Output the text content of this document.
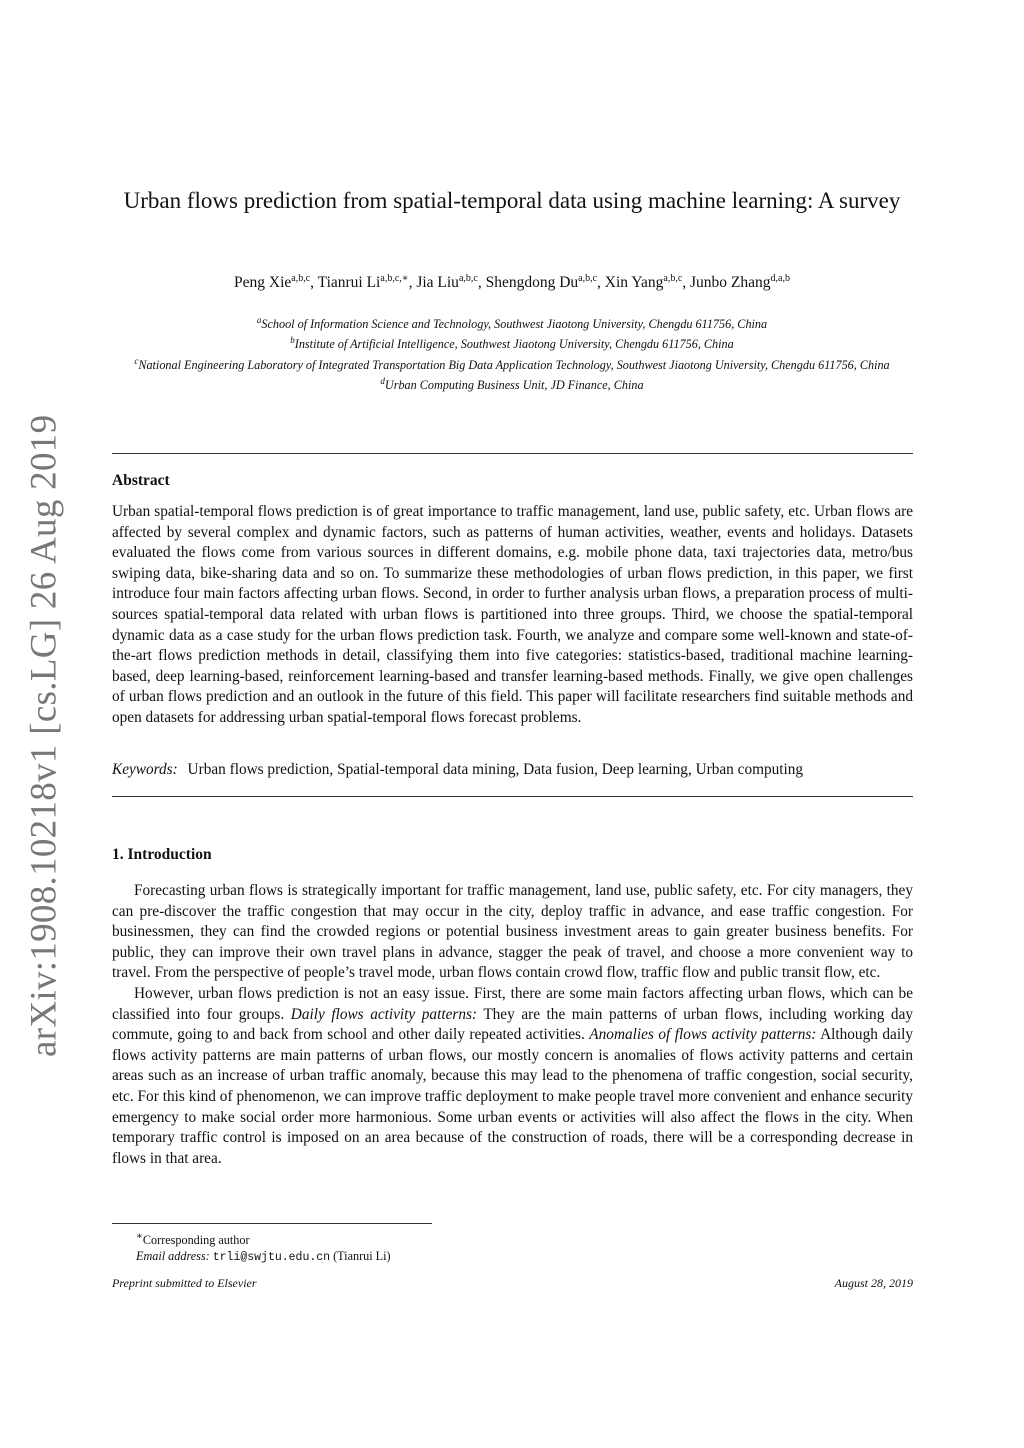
arXiv:1908.10218v1 [cs.LG] 26 Aug 2019
Urban flows prediction from spatial-temporal data using machine learning: A survey
Peng Xie$^{a,b,c}$, Tianrui $Li^{a,b,c,∗}$, Jia Liu$^{a,b,c}$, Shengdong Du$^{a,b,c}$, Xin Yang$^{a,b,c}$, Junbo Zhang$^{d,a,b}$
$^a$School of Information Science and Technology, Southwest Jiaotong University, Chengdu 611756, China
$^b$Institute of Artificial Intelligence, Southwest Jiaotong University, Chengdu 611756, China
$^c$National Engineering Laboratory of Integrated Transportation Big Data Application Technology, Southwest Jiaotong University, Chengdu 611756, China
$^d$Urban Computing Business Unit, JD Finance, China
Abstract
Urban spatial-temporal flows prediction is of great importance to traffic management, land use, public safety, etc. Urban flows are affected by several complex and dynamic factors, such as patterns of human activities, weather, events and holidays. Datasets evaluated the flows come from various sources in different domains, e.g. mobile phone data, taxi trajectories data, metro/bus swiping data, bike-sharing data and so on. To summarize these methodologies of urban flows prediction, in this paper, we first introduce four main factors affecting urban flows. Second, in order to further analysis urban flows, a preparation process of multi-sources spatial-temporal data related with urban flows is partitioned into three groups. Third, we choose the spatial-temporal dynamic data as a case study for the urban flows prediction task. Fourth, we analyze and compare some well-known and state-of-the-art flows prediction methods in detail, classifying them into five categories: statistics-based, traditional machine learning-based, deep learning-based, reinforcement learning-based and transfer learning-based methods. Finally, we give open challenges of urban flows prediction and an outlook in the future of this field. This paper will facilitate researchers find suitable methods and open datasets for addressing urban spatial-temporal flows forecast problems.
Keywords: Urban flows prediction, Spatial-temporal data mining, Data fusion, Deep learning, Urban computing
1. Introduction

Forecasting urban flows is strategically important for traffic management, land use, public safety, etc. For city managers, they can pre-discover the traffic congestion that may occur in the city, deploy traffic in advance, and ease traffic congestion. For businessmen, they can find the crowded regions or potential business investment areas to gain greater business benefits. For public, they can improve their own travel plans in advance, stagger the peak of travel, and choose a more convenient way to travel. From the perspective of people’s travel mode, urban flows contain crowd flow, traffic flow and public transit flow, etc.

However, urban flows prediction is not an easy issue. First, there are some main factors affecting urban flows, which can be classified into four groups. Daily flows activity patterns: They are the main patterns of urban flows, including working day commute, going to and back from school and other daily repeated activities. Anomalies of flows activity patterns: Although daily flows activity patterns are main patterns of urban flows, our mostly concern is anomalies of flows activity patterns and certain areas such as an increase of urban traffic anomaly, because this may lead to the phenomena of traffic congestion, social security, etc. For this kind of phenomenon, we can improve traffic deployment to make people travel more convenient and enhance security emergency to make social order more harmonious. Some urban events or activities will also affect the flows in the city. When temporary traffic control is imposed on an area because of the construction of roads, there will be a corresponding decrease in flows in that area.

∗Corresponding author
Email address: trli@swjtu.edu.cn (Tianrui Li)
Preprint submitted to Elsevier	August 28, 2019
